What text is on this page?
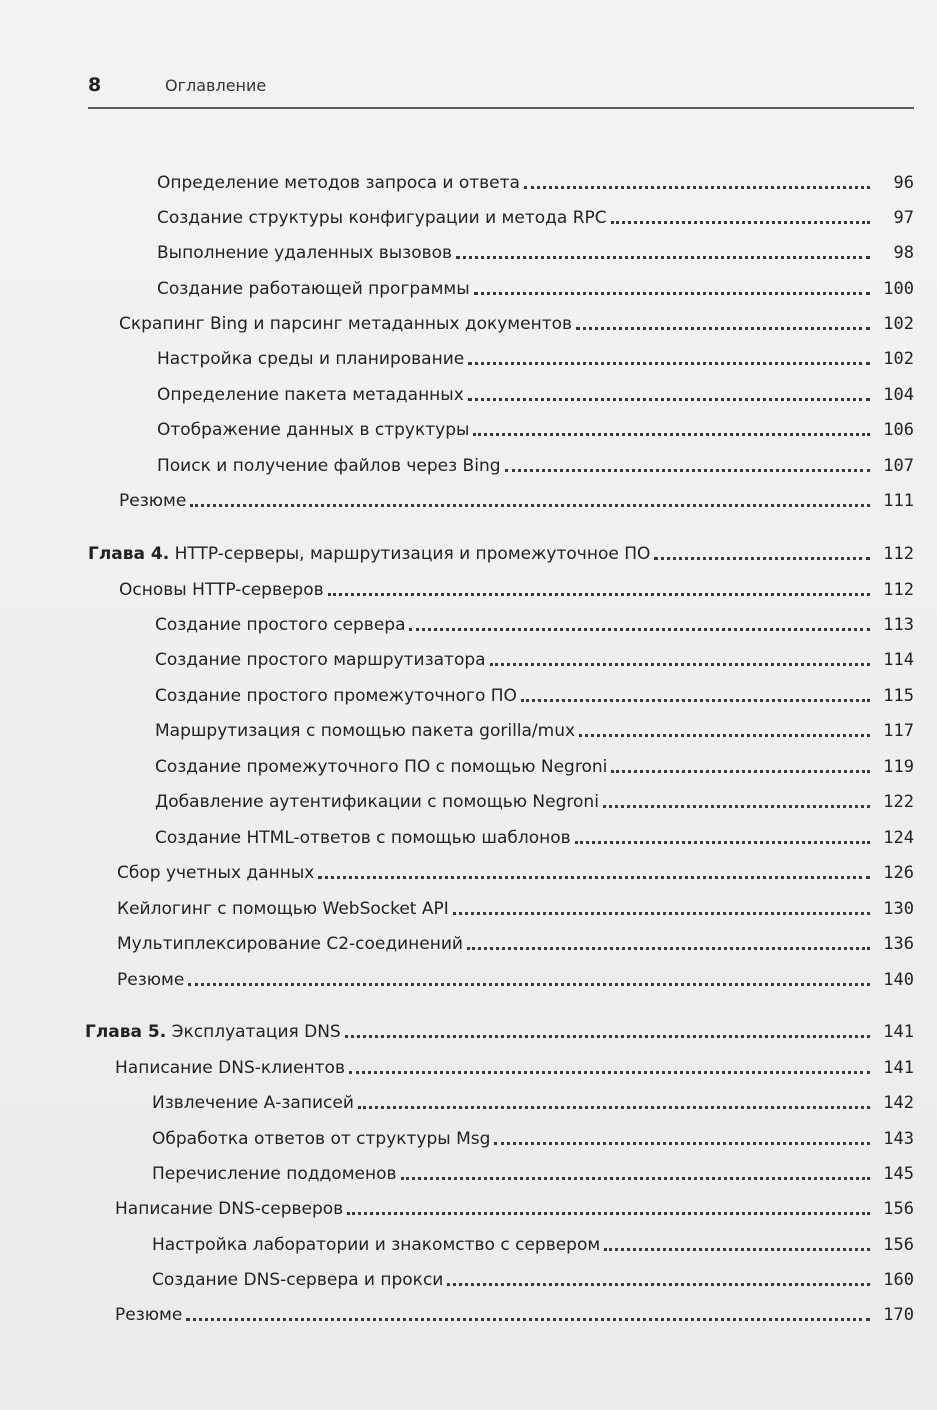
8	Оглавление
Определение методов запроса и ответа	96
Создание структуры конфигурации и метода RPC	97
Выполнение удаленных вызовов	98
Создание работающей программы	100
Скрапинг Bing и парсинг метаданных документов	102
Настройка среды и планирование	102
Определение пакета метаданных	104
Отображение данных в структуры	106
Поиск и получение файлов через Bing	107
Резюме	111
Глава 4. HTTP-серверы, маршрутизация и промежуточное ПО	112
Основы HTTP-серверов	112
Создание простого сервера	113
Создание простого маршрутизатора	114
Создание простого промежуточного ПО	115
Маршрутизация с помощью пакета gorilla/mux	117
Создание промежуточного ПО с помощью Negroni	119
Добавление аутентификации с помощью Negroni	122
Создание HTML-ответов с помощью шаблонов	124
Сбор учетных данных	126
Кейлогинг с помощью WebSocket API	130
Мультиплексирование С2-соединений	136
Резюме	140
Глава 5. Эксплуатация DNS	141
Написание DNS-клиентов	141
Извлечение А-записей	142
Обработка ответов от структуры Msg	143
Перечисление поддоменов	145
Написание DNS-серверов	156
Настройка лаборатории и знакомство с сервером	156
Создание DNS-сервера и прокси	160
Резюме	170
